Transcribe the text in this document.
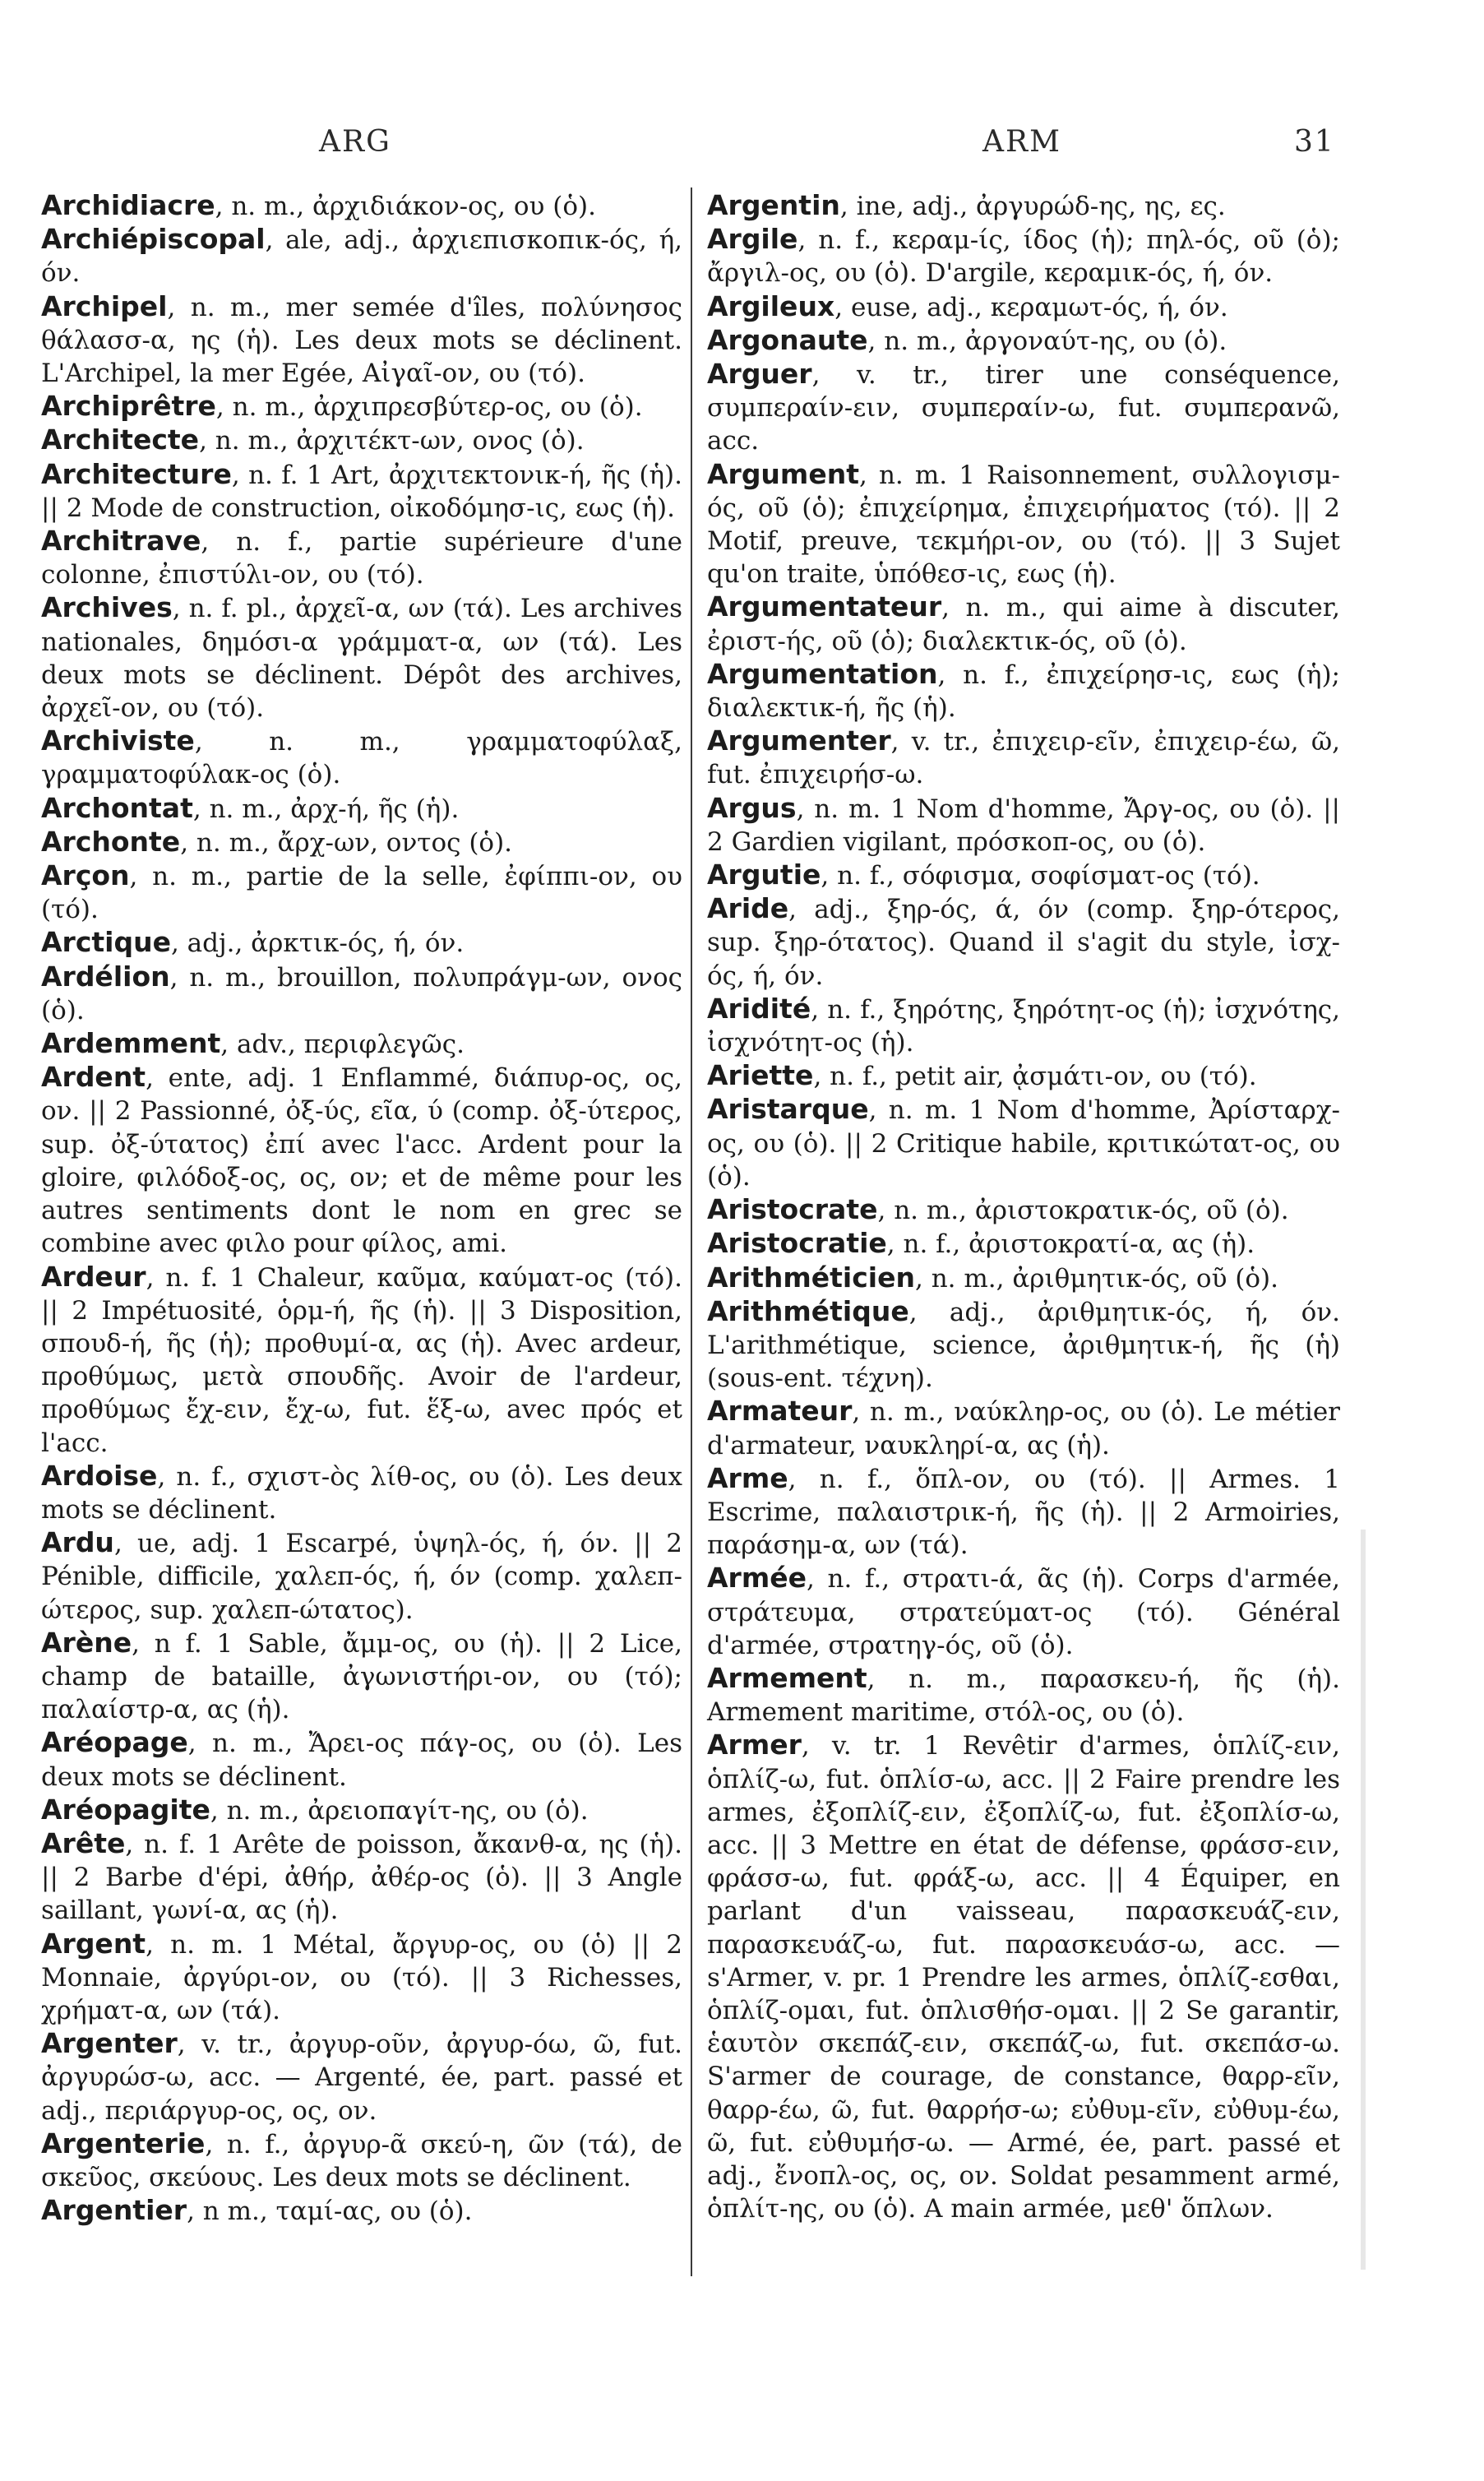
ARG	ARM	31

Archidiacre, n. m., ἀρχιδιάκον-ος, ου (ὁ).

Archiépiscopal, ale, adj., ἀρχιεπισκοπικ-ός, ή, όν.

Archipel, n. m., mer semée d'îles, πολύνησος θάλασσ-α, ης (ἡ). Les deux mots se déclinent. L'Archipel, la mer Egée, Αἰγαῖ-ον, ου (τό).

Archiprêtre, n. m., ἀρχιπρεσβύτερ-ος, ου (ὁ).

Architecte, n. m., ἀρχιτέκτ-ων, ονος (ὁ).

Architecture, n. f. 1 Art, ἀρχιτεκτονικ-ή, ῆς (ἡ). || 2 Mode de construction, οἰκοδόμησ-ις, εως (ἡ).

Architrave, n. f., partie supérieure d'une colonne, ἐπιστύλι-ον, ου (τό).

Archives, n. f. pl., ἀρχεῖ-α, ων (τά). Les archives nationales, δημόσι-α γράμματ-α, ων (τά). Les deux mots se déclinent. Dépôt des archives, ἀρχεῖ-ον, ου (τό).

Archiviste, n. m., γραμματοφύλαξ, γραμματοφύλακ-ος (ὁ).

Archontat, n. m., ἀρχ-ή, ῆς (ἡ).

Archonte, n. m., ἄρχ-ων, οντος (ὁ).

Arçon, n. m., partie de la selle, ἐφίππι-ον, ου (τό).

Arctique, adj., ἀρκτικ-ός, ή, όν.

Ardélion, n. m., brouillon, πολυπράγμ-ων, ονος (ὁ).

Ardemment, adv., περιφλεγῶς.

Ardent, ente, adj. 1 Enflammé, διάπυρ-ος, ος, ον. || 2 Passionné, ὀξ-ύς, εῖα, ύ (comp. ὀξ-ύτερος, sup. ὀξ-ύτατος) ἐπί avec l'acc. Ardent pour la gloire, φιλόδοξ-ος, ος, ον; et de même pour les autres sentiments dont le nom en grec se combine avec φιλο pour φίλος, ami.

Ardeur, n. f. 1 Chaleur, καῦμα, καύματ-ος (τό). || 2 Impétuosité, ὁρμ-ή, ῆς (ἡ). || 3 Disposition, σπουδ-ή, ῆς (ἡ); προθυμί-α, ας (ἡ). Avec ardeur, προθύμως, μετὰ σπουδῆς. Avoir de l'ardeur, προθύμως ἔχ-ειν, ἔχ-ω, fut. ἕξ-ω, avec πρός et l'acc.

Ardoise, n. f., σχιστ-ὸς λίθ-ος, ου (ὁ). Les deux mots se déclinent.

Ardu, ue, adj. 1 Escarpé, ὑψηλ-ός, ή, όν. || 2 Pénible, difficile, χαλεπ-ός, ή, όν (comp. χαλεπ-ώτερος, sup. χαλεπ-ώτατος).

Arène, n f. 1 Sable, ἄμμ-ος, ου (ἡ). || 2 Lice, champ de bataille, ἀγωνιστήρι-ον, ου (τό); παλαίστρ-α, ας (ἡ).

Aréopage, n. m., Ἄρει-ος πάγ-ος, ου (ὁ). Les deux mots se déclinent.

Aréopagite, n. m., ἀρειοπαγίτ-ης, ου (ὁ).

Arête, n. f. 1 Arête de poisson, ἄκανθ-α, ης (ἡ). || 2 Barbe d'épi, ἀθήρ, ἀθέρ-ος (ὁ). || 3 Angle saillant, γωνί-α, ας (ἡ).

Argent, n. m. 1 Métal, ἄργυρ-ος, ου (ὁ) || 2 Monnaie, ἀργύρι-ον, ου (τό). || 3 Richesses, χρήματ-α, ων (τά).

Argenter, v. tr., ἀργυρ-οῦν, ἀργυρ-όω, ῶ, fut. ἀργυρώσ-ω, acc. — Argenté, ée, part. passé et adj., περιάργυρ-ος, ος, ον.

Argenterie, n. f., ἀργυρ-ᾶ σκεύ-η, ῶν (τά), de σκεῦος, σκεύους. Les deux mots se déclinent.

Argentier, n m., ταμί-ας, ου (ὁ).

Argentin, ine, adj., ἀργυρώδ-ης, ης, ες.

Argile, n. f., κεραμ-ίς, ίδος (ἡ); πηλ-ός, οῦ (ὁ); ἄργιλ-ος, ου (ὁ). D'argile, κεραμικ-ός, ή, όν.

Argileux, euse, adj., κεραμωτ-ός, ή, όν.

Argonaute, n. m., ἀργοναύτ-ης, ου (ὁ).

Arguer, v. tr., tirer une conséquence, συμπεραίν-ειν, συμπεραίν-ω, fut. συμπερανῶ, acc.

Argument, n. m. 1 Raisonnement, συλλογισμ-ός, οῦ (ὁ); ἐπιχείρημα, ἐπιχειρήματος (τό). || 2 Motif, preuve, τεκμήρι-ον, ου (τό). || 3 Sujet qu'on traite, ὑπόθεσ-ις, εως (ἡ).

Argumentateur, n. m., qui aime à discuter, ἐριστ-ής, οῦ (ὁ); διαλεκτικ-ός, οῦ (ὁ).

Argumentation, n. f., ἐπιχείρησ-ις, εως (ἡ); διαλεκτικ-ή, ῆς (ἡ).

Argumenter, v. tr., ἐπιχειρ-εῖν, ἐπιχειρ-έω, ῶ, fut. ἐπιχειρήσ-ω.

Argus, n. m. 1 Nom d'homme, Ἄργ-ος, ου (ὁ). || 2 Gardien vigilant, πρόσκοπ-ος, ου (ὁ).

Argutie, n. f., σόφισμα, σοφίσματ-ος (τό).

Aride, adj., ξηρ-ός, ά, όν (comp. ξηρ-ότερος, sup. ξηρ-ότατος). Quand il s'agit du style, ἰσχ-ός, ή, όν.

Aridité, n. f., ξηρότης, ξηρότητ-ος (ἡ); ἰσχνότης, ἰσχνότητ-ος (ἡ).

Ariette, n. f., petit air, ᾀσμάτι-ον, ου (τό).

Aristarque, n. m. 1 Nom d'homme, Ἀρίσταρχ-ος, ου (ὁ). || 2 Critique habile, κριτικώτατ-ος, ου (ὁ).

Aristocrate, n. m., ἀριστοκρατικ-ός, οῦ (ὁ).

Aristocratie, n. f., ἀριστοκρατί-α, ας (ἡ).

Arithméticien, n. m., ἀριθμητικ-ός, οῦ (ὁ).

Arithmétique, adj., ἀριθμητικ-ός, ή, όν. L'arithmétique, science, ἀριθμητικ-ή, ῆς (ἡ) (sous-ent. τέχνη).

Armateur, n. m., ναύκληρ-ος, ου (ὁ). Le métier d'armateur, ναυκληρί-α, ας (ἡ).

Arme, n. f., ὅπλ-ον, ου (τό). || Armes. 1 Escrime, παλαιστρικ-ή, ῆς (ἡ). || 2 Armoiries, παράσημ-α, ων (τά).

Armée, n. f., στρατι-ά, ᾶς (ἡ). Corps d'armée, στράτευμα, στρατεύματ-ος (τό). Général d'armée, στρατηγ-ός, οῦ (ὁ).

Armement, n. m., παρασκευ-ή, ῆς (ἡ). Armement maritime, στόλ-ος, ου (ὁ).

Armer, v. tr. 1 Revêtir d'armes, ὁπλίζ-ειν, ὁπλίζ-ω, fut. ὁπλίσ-ω, acc. || 2 Faire prendre les armes, ἐξοπλίζ-ειν, ἐξοπλίζ-ω, fut. ἐξοπλίσ-ω, acc. || 3 Mettre en état de défense, φράσσ-ειν, φράσσ-ω, fut. φράξ-ω, acc. || 4 Équiper, en parlant d'un vaisseau, παρασκευάζ-ειν, παρασκευάζ-ω, fut. παρασκευάσ-ω, acc. — s'Armer, v. pr. 1 Prendre les armes, ὁπλίζ-εσθαι, ὁπλίζ-ομαι, fut. ὁπλισθήσ-ομαι. || 2 Se garantir, ἑαυτὸν σκεπάζ-ειν, σκεπάζ-ω, fut. σκεπάσ-ω. S'armer de courage, de constance, θαρρ-εῖν, θαρρ-έω, ῶ, fut. θαρρήσ-ω; εὐθυμ-εῖν, εὐθυμ-έω, ῶ, fut. εὐθυμήσ-ω. — Armé, ée, part. passé et adj., ἔνοπλ-ος, ος, ον. Soldat pesamment armé, ὁπλίτ-ης, ου (ὁ). A main armée, μεθ' ὅπλων.
